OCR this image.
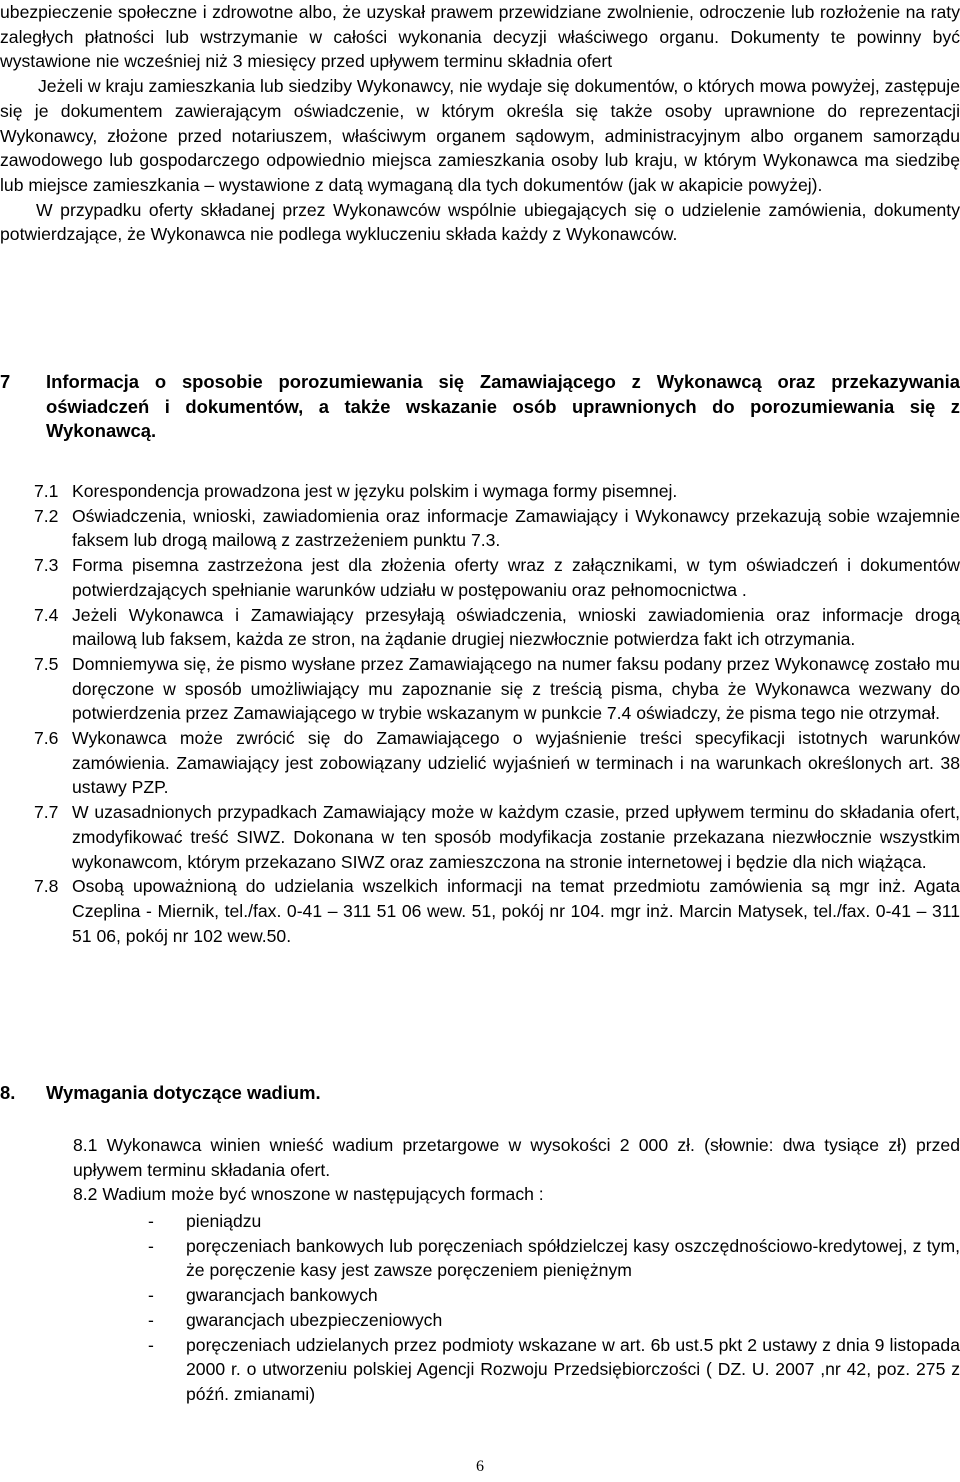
ubezpieczenie społeczne i zdrowotne albo, że uzyskał prawem przewidziane zwolnienie, odroczenie lub rozłożenie na raty zaległych płatności lub wstrzymanie w całości wykonania decyzji właściwego organu. Dokumenty te powinny być wystawione nie wcześniej niż 3 miesięcy przed upływem terminu składnia ofert

Jeżeli w kraju zamieszkania lub siedziby Wykonawcy, nie wydaje się dokumentów, o których mowa powyżej, zastępuje się je dokumentem zawierającym oświadczenie, w którym określa się także osoby uprawnione do reprezentacji Wykonawcy, złożone przed notariuszem, właściwym organem sądowym, administracyjnym albo organem samorządu zawodowego lub gospodarczego odpowiednio miejsca zamieszkania osoby lub kraju, w którym Wykonawca ma siedzibę lub miejsce zamieszkania – wystawione z datą wymaganą dla tych dokumentów (jak w akapicie powyżej).

W przypadku oferty składanej przez Wykonawców wspólnie ubiegających się o udzielenie zamówienia, dokumenty potwierdzające, że Wykonawca nie podlega wykluczeniu składa każdy z Wykonawców.

7 Informacja o sposobie porozumiewania się Zamawiającego z Wykonawcą oraz przekazywania oświadczeń i dokumentów, a także wskazanie osób uprawnionych do porozumiewania się z Wykonawcą.

7.1 Korespondencja prowadzona jest w języku polskim i wymaga formy pisemnej.
7.2 Oświadczenia, wnioski, zawiadomienia oraz informacje Zamawiający i Wykonawcy przekazują sobie wzajemnie faksem lub drogą mailową z zastrzeżeniem punktu 7.3.
7.3 Forma pisemna zastrzeżona jest dla złożenia oferty wraz z załącznikami, w tym oświadczeń i dokumentów potwierdzających spełnianie warunków udziału w postępowaniu oraz pełnomocnictwa .
7.4 Jeżeli Wykonawca i Zamawiający przesyłają oświadczenia, wnioski zawiadomienia oraz informacje drogą mailową lub faksem, każda ze stron, na żądanie drugiej niezwłocznie potwierdza fakt ich otrzymania.
7.5 Domniemywa się, że pismo wysłane przez Zamawiającego na numer faksu podany przez Wykonawcę zostało mu doręczone w sposób umożliwiający mu zapoznanie się z treścią pisma, chyba że Wykonawca wezwany do potwierdzenia przez Zamawiającego w trybie wskazanym w punkcie 7.4 oświadczy, że pisma tego nie otrzymał.
7.6 Wykonawca może zwrócić się do Zamawiającego o wyjaśnienie treści specyfikacji istotnych warunków zamówienia. Zamawiający jest zobowiązany udzielić wyjaśnień w terminach i na warunkach określonych art. 38 ustawy PZP.
7.7 W uzasadnionych przypadkach Zamawiający może w każdym czasie, przed upływem terminu do składania ofert, zmodyfikować treść SIWZ. Dokonana w ten sposób modyfikacja zostanie przekazana niezwłocznie wszystkim wykonawcom, którym przekazano SIWZ oraz zamieszczona na stronie internetowej i będzie dla nich wiążąca.
7.8 Osobą upoważnioną do udzielania wszelkich informacji na temat przedmiotu zamówienia są mgr inż. Agata Czeplina - Miernik, tel./fax. 0-41 – 311 51 06 wew. 51, pokój nr 104. mgr inż. Marcin Matysek, tel./fax. 0-41 – 311 51 06, pokój nr 102 wew.50.
8. Wymagania dotyczące wadium.

8.1 Wykonawca winien wnieść wadium przetargowe w wysokości 2 000 zł. (słownie: dwa tysiące zł) przed upływem terminu składania ofert.

8.2 Wadium może być wnoszone w następujących formach :

- pieniądzu
- poręczeniach bankowych lub poręczeniach spółdzielczej kasy oszczędnościowo-kredytowej, z tym, że poręczenie kasy jest zawsze poręczeniem pieniężnym
- gwarancjach bankowych
- gwarancjach ubezpieczeniowych
- poręczeniach udzielanych przez podmioty wskazane w art. 6b ust.5 pkt 2 ustawy z dnia 9 listopada 2000 r. o utworzeniu polskiej Agencji Rozwoju Przedsiębiorczości ( DZ. U. 2007 ,nr 42, poz. 275 z późń. zmianami)
6
